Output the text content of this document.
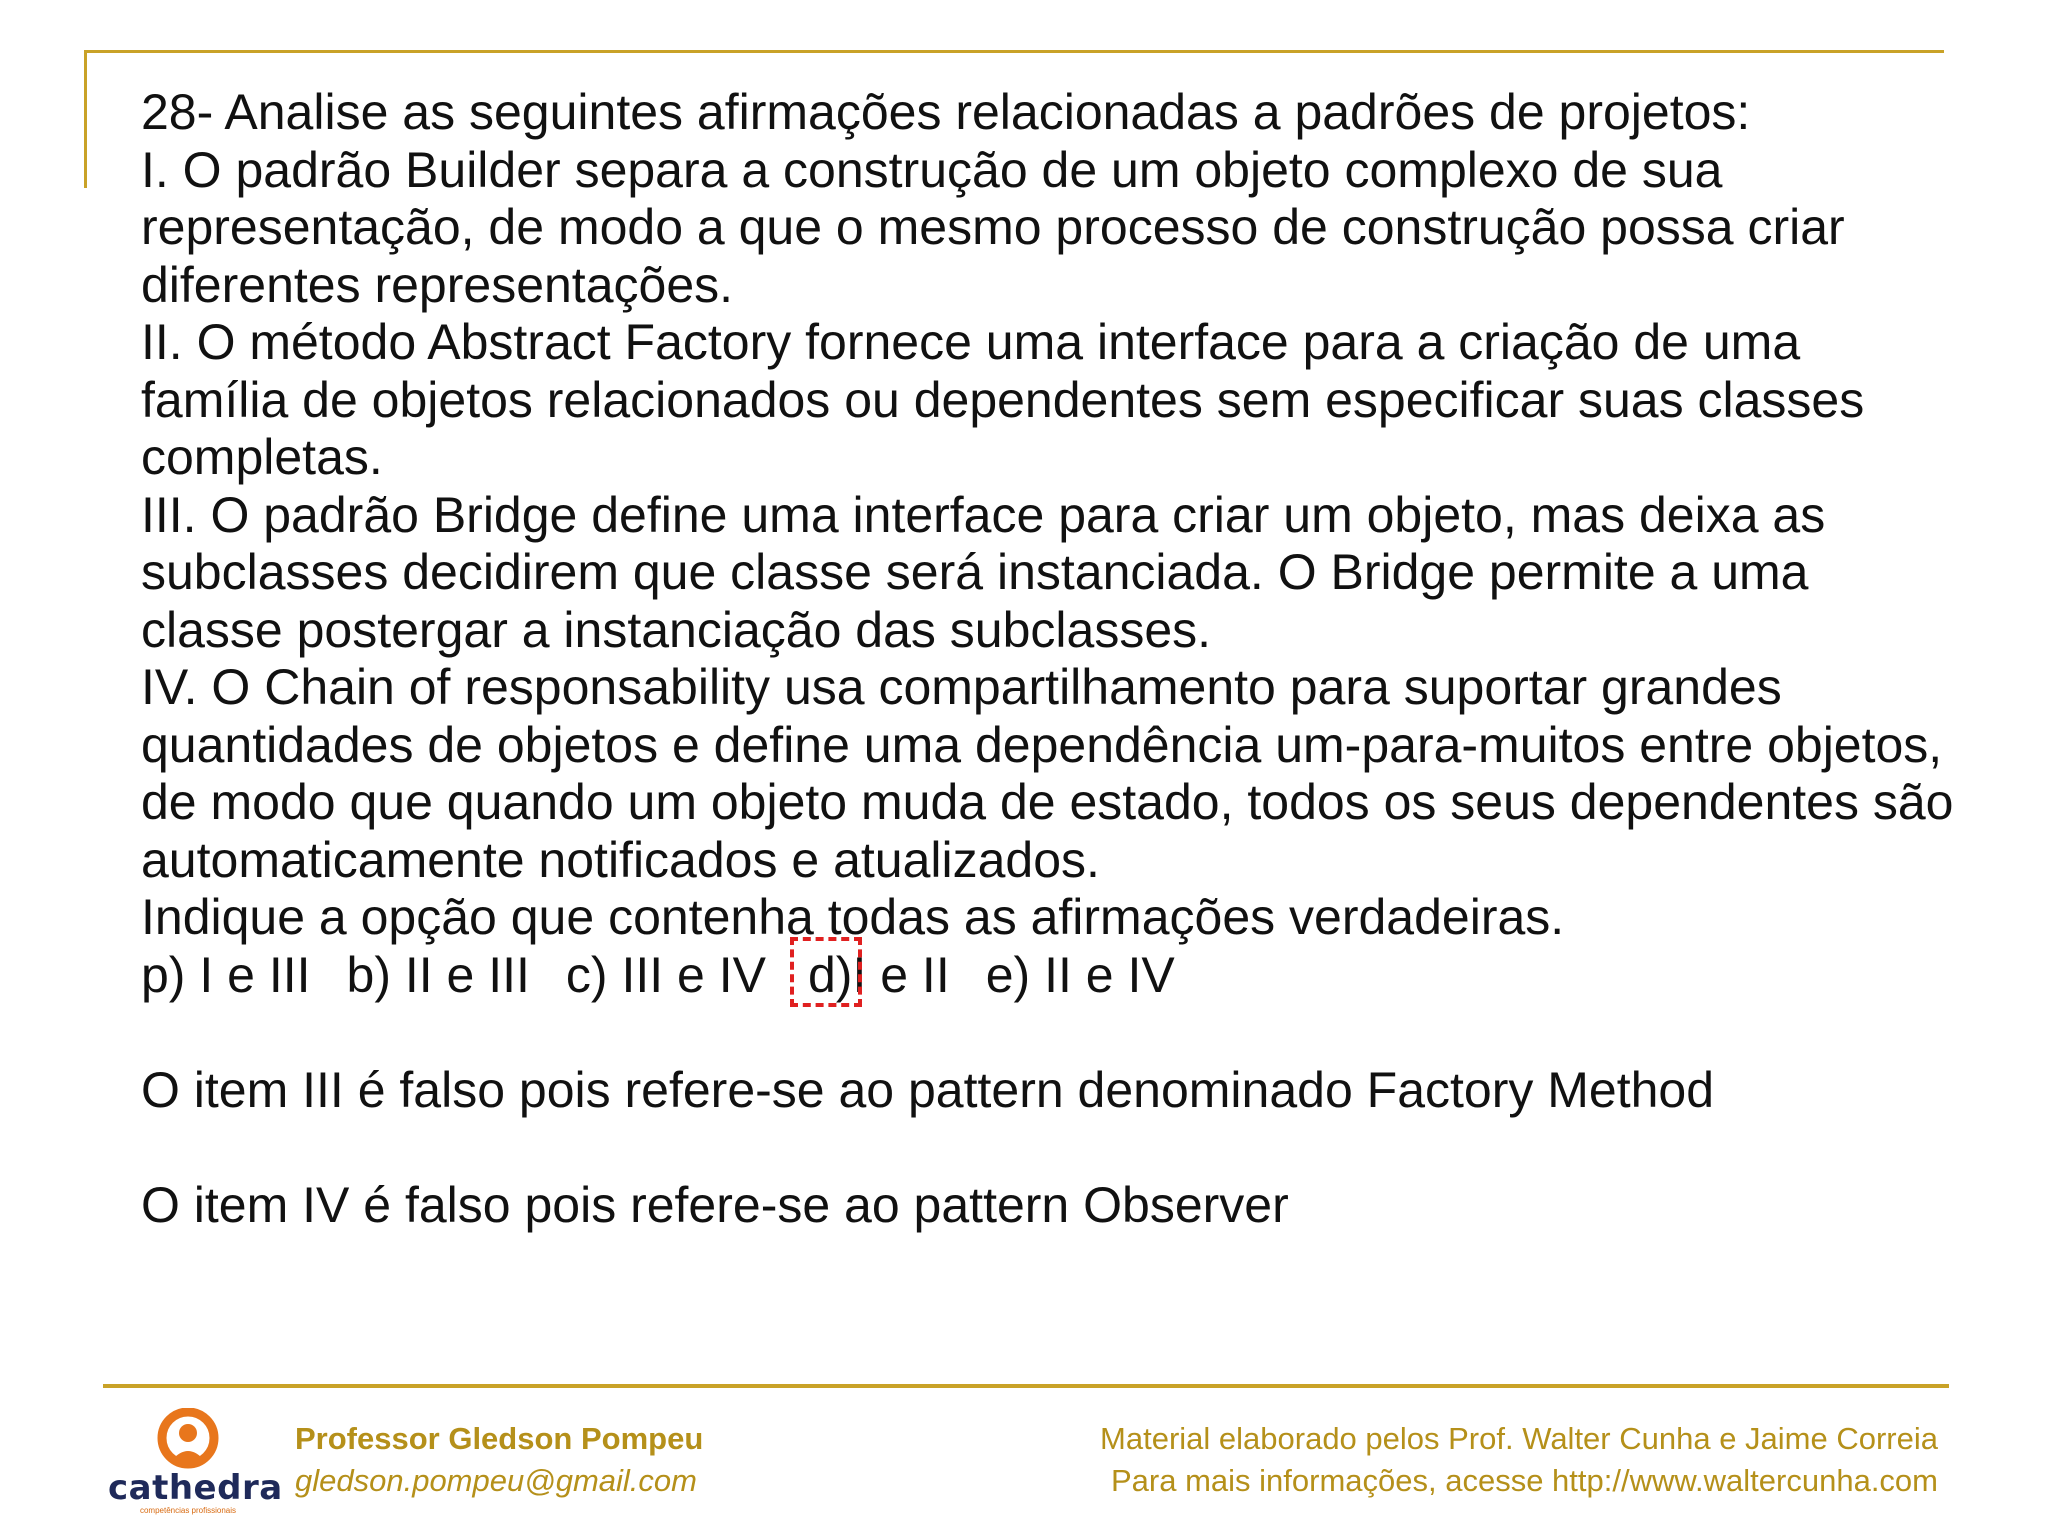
28- Analise as seguintes afirmações relacionadas a padrões de projetos:
I. O padrão Builder separa a construção de um objeto complexo de sua
representação, de modo a que o mesmo processo de construção possa criar
diferentes representações.
II. O método Abstract Factory fornece uma interface para a criação de uma
família de objetos relacionados ou dependentes sem especificar suas classes
completas.
III. O padrão Bridge define uma interface para criar um objeto, mas deixa as
subclasses decidirem que classe será instanciada. O Bridge permite a uma
classe postergar a instanciação das subclasses.
IV. O Chain of responsability usa compartilhamento para suportar grandes
quantidades de objetos e define uma dependência um-para-muitos entre objetos,
de modo que quando um objeto muda de estado, todos os seus dependentes são
automaticamente notificados e atualizados.
Indique a opção que contenha todas as afirmações verdadeiras.
p) I e III b) II e III c) III e IV d)I e II e) II e IV
O item III é falso pois refere-se ao pattern denominado Factory Method
O item IV é falso pois refere-se ao pattern Observer
cathedra
competências profissionais
Professor Gledson Pompeu
gledson.pompeu@gmail.com
Material elaborado pelos Prof. Walter Cunha e Jaime Correia
Para mais informações, acesse http://www.waltercunha.com
